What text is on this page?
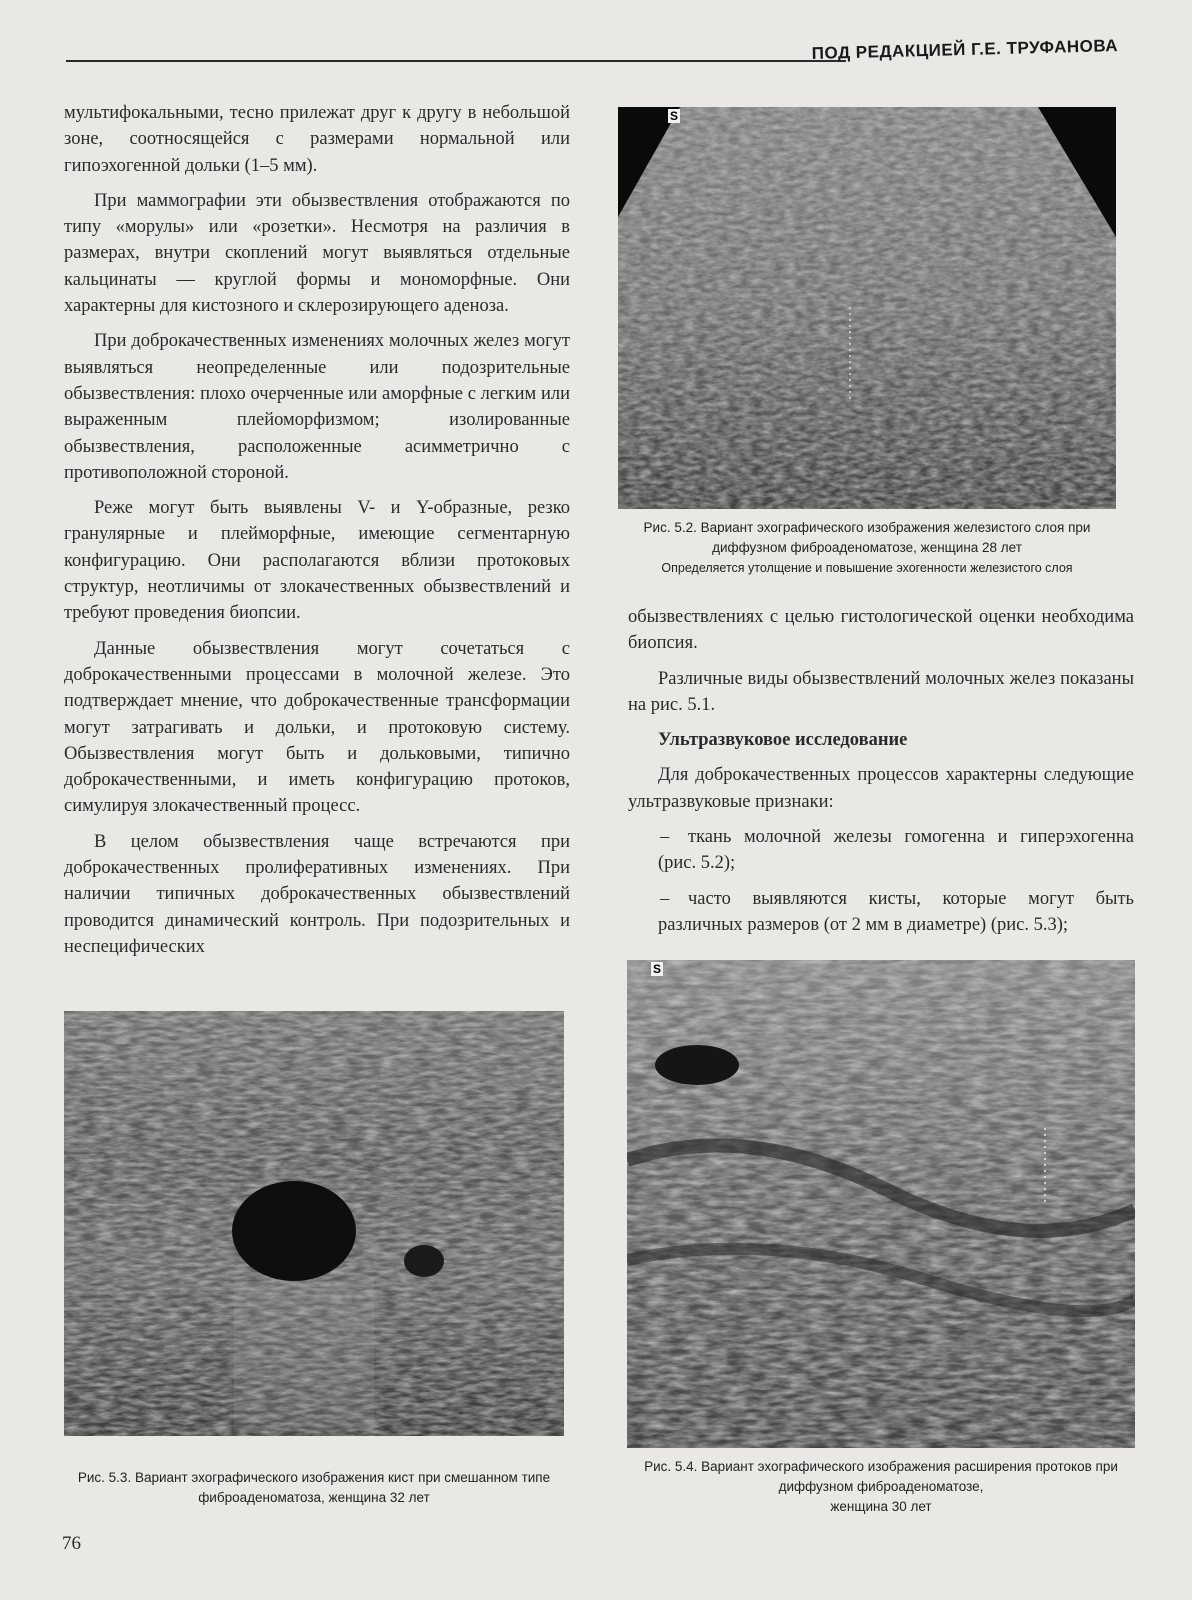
ПОД РЕДАКЦИЕЙ Г.Е. ТРУФАНОВА

мультифокальными, тесно прилежат друг к другу в небольшой зоне, соотносящейся с размерами нормальной или гипоэхогенной дольки (1–5 мм).

При маммографии эти обызвествления отображаются по типу «морулы» или «розетки». Несмотря на различия в размерах, внутри скоплений могут выявляться отдельные кальцинаты — круглой формы и мономорфные. Они характерны для кистозного и склерозирующего аденоза.

При доброкачественных изменениях молочных желез могут выявляться неопределенные или подозрительные обызвествления: плохо очерченные или аморфные с легким или выраженным плейоморфизмом; изолированные обызвествления, расположенные асимметрично с противоположной стороной.

Реже могут быть выявлены V- и Y-образные, резко гранулярные и плейморфные, имеющие сегментарную конфигурацию. Они располагаются вблизи протоковых структур, неотличимы от злокачественных обызвествлений и требуют проведения биопсии.

Данные обызвествления могут сочетаться с доброкачественными процессами в молочной железе. Это подтверждает мнение, что доброкачественные трансформации могут затрагивать и дольки, и протоковую систему. Обызвествления могут быть и дольковыми, типично доброкачественными, и иметь конфигурацию протоков, симулируя злокачественный процесс.

В целом обызвествления чаще встречаются при доброкачественных пролиферативных изменениях. При наличии типичных доброкачественных обызвествлений проводится динамический контроль. При подозрительных и неспецифических

S
Рис. 5.2. Вариант эхографического изображения железистого слоя при диффузном фиброаденоматозе, женщина 28 лет
Определяется утолщение и повышение эхогенности железистого слоя

обызвествлениях с целью гистологической оценки необходима биопсия.

Различные виды обызвествлений молочных желез показаны на рис. 5.1.

Ультразвуковое исследование

Для доброкачественных процессов характерны следующие ультразвуковые признаки:

– ткань молочной железы гомогенна и гиперэхогенна (рис. 5.2);

– часто выявляются кисты, которые могут быть различных размеров (от 2 мм в диаметре) (рис. 5.3);

Рис. 5.3. Вариант эхографического изображения кист при смешанном типе фиброаденоматоза, женщина 32 лет
S
Рис. 5.4. Вариант эхографического изображения расширения протоков при диффузном фиброаденоматозе,
женщина 30 лет
76
